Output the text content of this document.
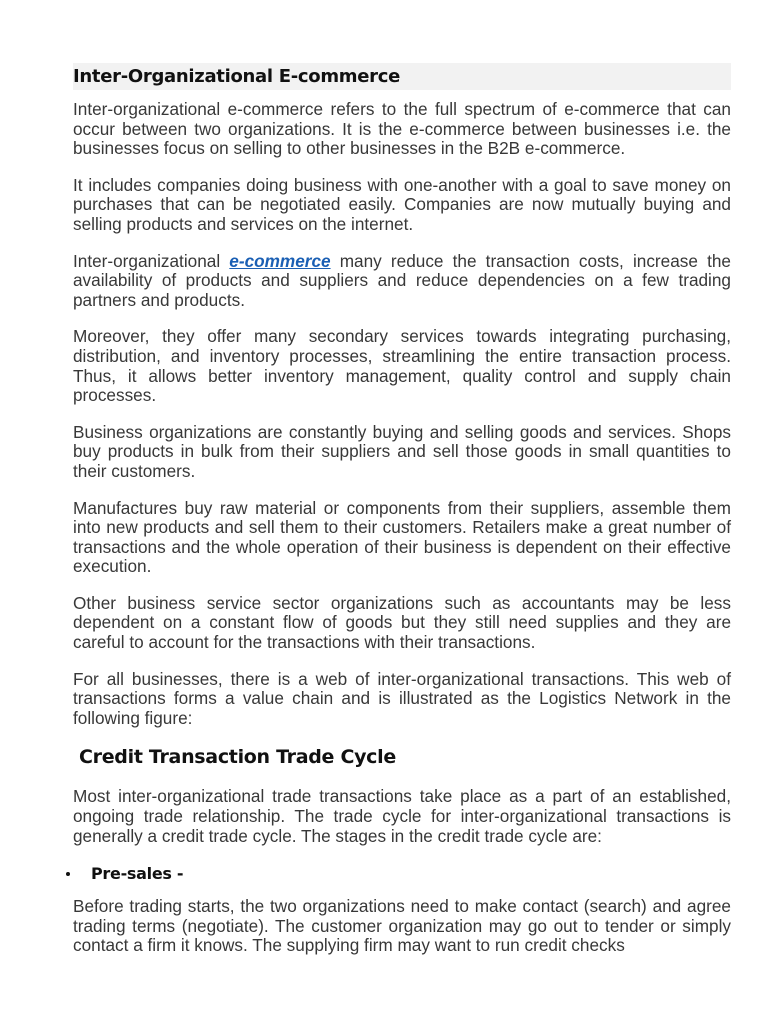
Inter-Organizational E-commerce

Inter-organizational e-commerce refers to the full spectrum of e-commerce that can occur between two organizations. It is the e-commerce between businesses i.e. the businesses focus on selling to other businesses in the B2B e-commerce.

It includes companies doing business with one-another with a goal to save money on purchases that can be negotiated easily. Companies are now mutually buying and selling products and services on the internet.

Inter-organizational e-commerce many reduce the transaction costs, increase the availability of products and suppliers and reduce dependencies on a few trading partners and products.

Moreover, they offer many secondary services towards integrating purchasing, distribution, and inventory processes, streamlining the entire transaction process. Thus, it allows better inventory management, quality control and supply chain processes.

Business organizations are constantly buying and selling goods and services. Shops buy products in bulk from their suppliers and sell those goods in small quantities to their customers.

Manufactures buy raw material or components from their suppliers, assemble them into new products and sell them to their customers. Retailers make a great number of transactions and the whole operation of their business is dependent on their effective execution.

Other business service sector organizations such as accountants may be less dependent on a constant flow of goods but they still need supplies and they are careful to account for the transactions with their transactions.

For all businesses, there is a web of inter-organizational transactions. This web of transactions forms a value chain and is illustrated as the Logistics Network in the following figure:

Credit Transaction Trade Cycle

Most inter-organizational trade transactions take place as a part of an established, ongoing trade relationship. The trade cycle for inter-organizational transactions is generally a credit trade cycle. The stages in the credit trade cycle are:

Pre-sales -

Before trading starts, the two organizations need to make contact (search) and agree trading terms (negotiate). The customer organization may go out to tender or simply contact a firm it knows. The supplying firm may want to run credit checks
